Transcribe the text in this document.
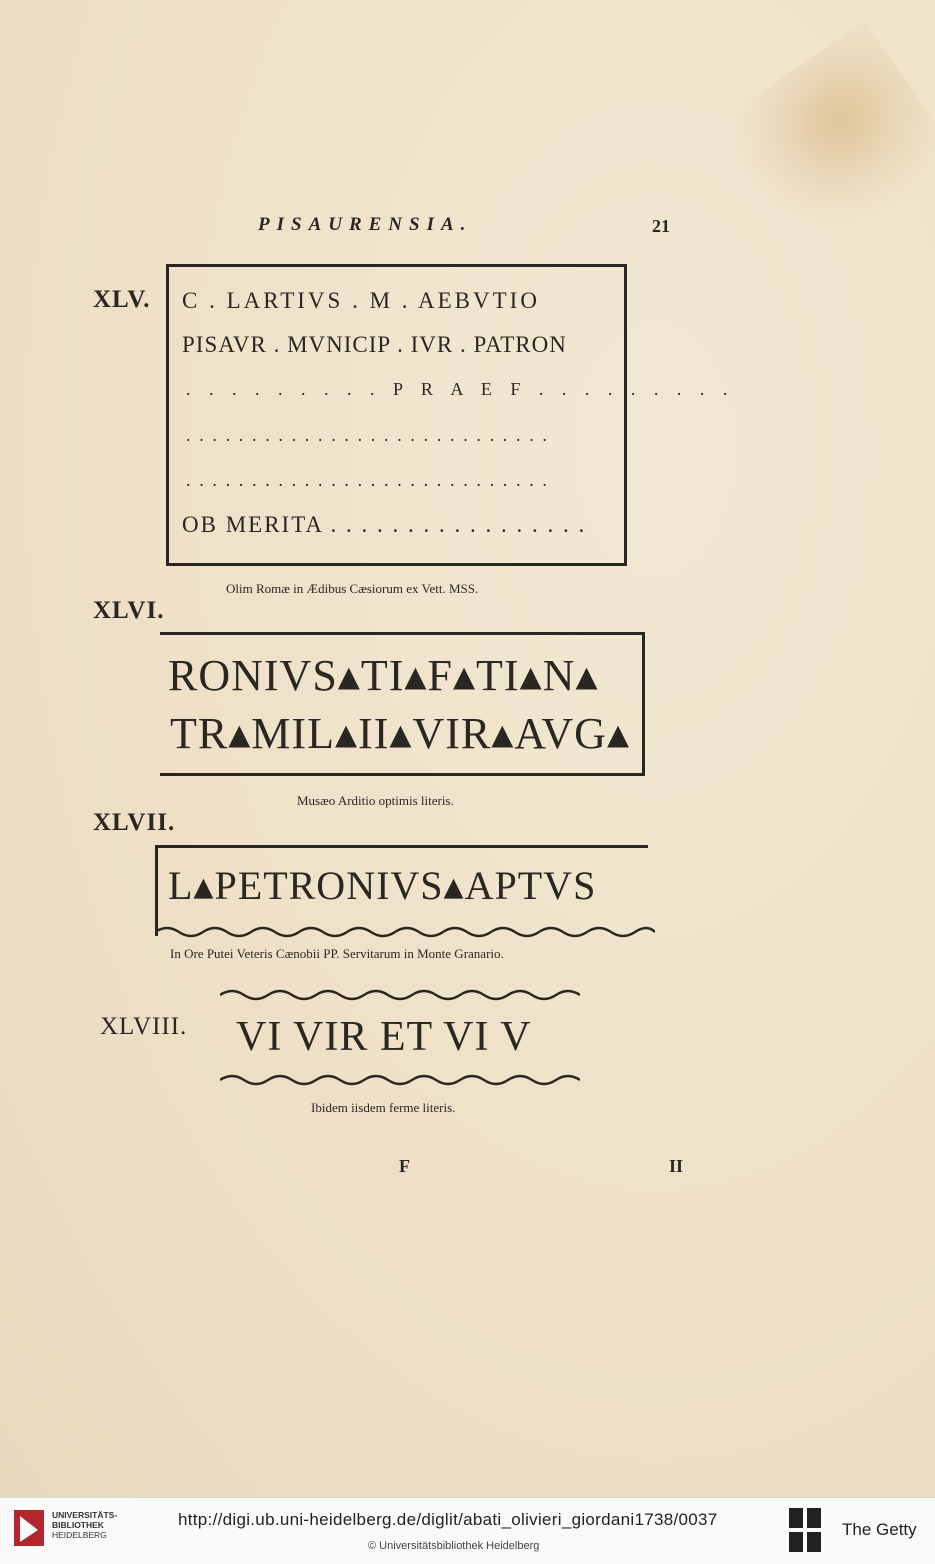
PISAURENSIA.	21
XLV. C . LARTIVS . M . AEBVTIO
PISAVR . MVNICIP . IVR . PATRON
. . . . . . . . . P R A E F . . . . . . . . .
. . . . . . . . . . . . . . . . . . . . . . . . . . . .
. . . . . . . . . . . . . . . . . . . . . . . . . . . .
OB MERITA . . . . . . . . . . . . . . . . .
Olim Romæ in Ædibus Cæsiorum ex Vett. MSS.
XLVI.
RONIVS▴TI▴F▴TI▴N▴
TR▴MIL▴II▴VIR▴AVG▴
Musæo Arditio optimis literis.
XLVII.
L▴PETRONIVS▴APTVS
In Ore Putei Veteris Cænobii PP. Servitarum in Monte Granario.
XLVIII. VI VIR ET VI V
Ibidem iisdem ferme literis.
F	II
UNIVERSITÄTS-
BIBLIOTHEK
HEIDELBERG
http://digi.ub.uni-heidelberg.de/diglit/abati_olivieri_giordani1738/0037
© Universitätsbibliothek Heidelberg
The Getty
